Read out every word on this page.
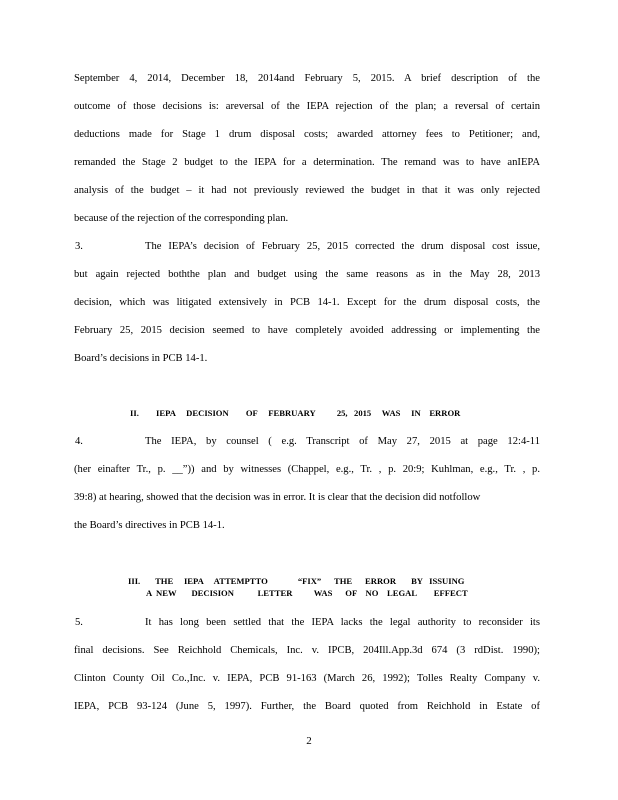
September 4, 2014, December 18, 2014and February 5, 2015. A brief description of the
outcome of those decisions is: areversal of the IEPA rejection of the plan; a reversal of certain
deductions made for Stage 1 drum disposal costs; awarded attorney fees to Petitioner; and,
remanded the Stage 2 budget to the IEPA for a determination. The remand was to have anIEPA
analysis of the budget – it had not previously reviewed the budget in that it was only rejected
because of the rejection of the corresponding plan.
3.	The IEPA’s decision of February 25, 2015 corrected the drum disposal cost issue,
but again rejected boththe plan and budget using the same reasons as in the May 28, 2013
decision, which was litigated extensively in PCB 14-1. Except for the drum disposal costs, the
February 25, 2015 decision seemed to have completely avoided addressing or implementing the
Board’s decisions in PCB 14-1.
II.        IEPA     DECISION        OF     FEBRUARY          25,   2015     WAS     IN    ERROR
4.	The IEPA, by counsel ( e.g. Transcript of May 27, 2015 at page 12:4-11
(her einafter Tr., p. __”)) and by witnesses (Chappel, e.g., Tr. , p. 20:9; Kuhlman, e.g., Tr. , p.
39:8) at hearing, showed that the decision was in error. It is clear that the decision did notfollow
the Board’s directives in PCB 14-1.
III.       THE     IEPA     ATTEMPTTO              “FIX”      THE      ERROR       BY   ISSUING
A  NEW       DECISION           LETTER          WAS      OF    NO    LEGAL        EFFECT
5.	It has long been settled that the IEPA lacks the legal authority to reconsider its
final decisions. See Reichhold Chemicals, Inc. v. IPCB, 204Ill.App.3d 674 (3 rdDist. 1990);
Clinton County Oil Co.,Inc. v. IEPA, PCB 91-163 (March 26, 1992); Tolles Realty Company v.
IEPA, PCB 93-124 (June 5, 1997). Further, the Board quoted from Reichhold in Estate of
2
